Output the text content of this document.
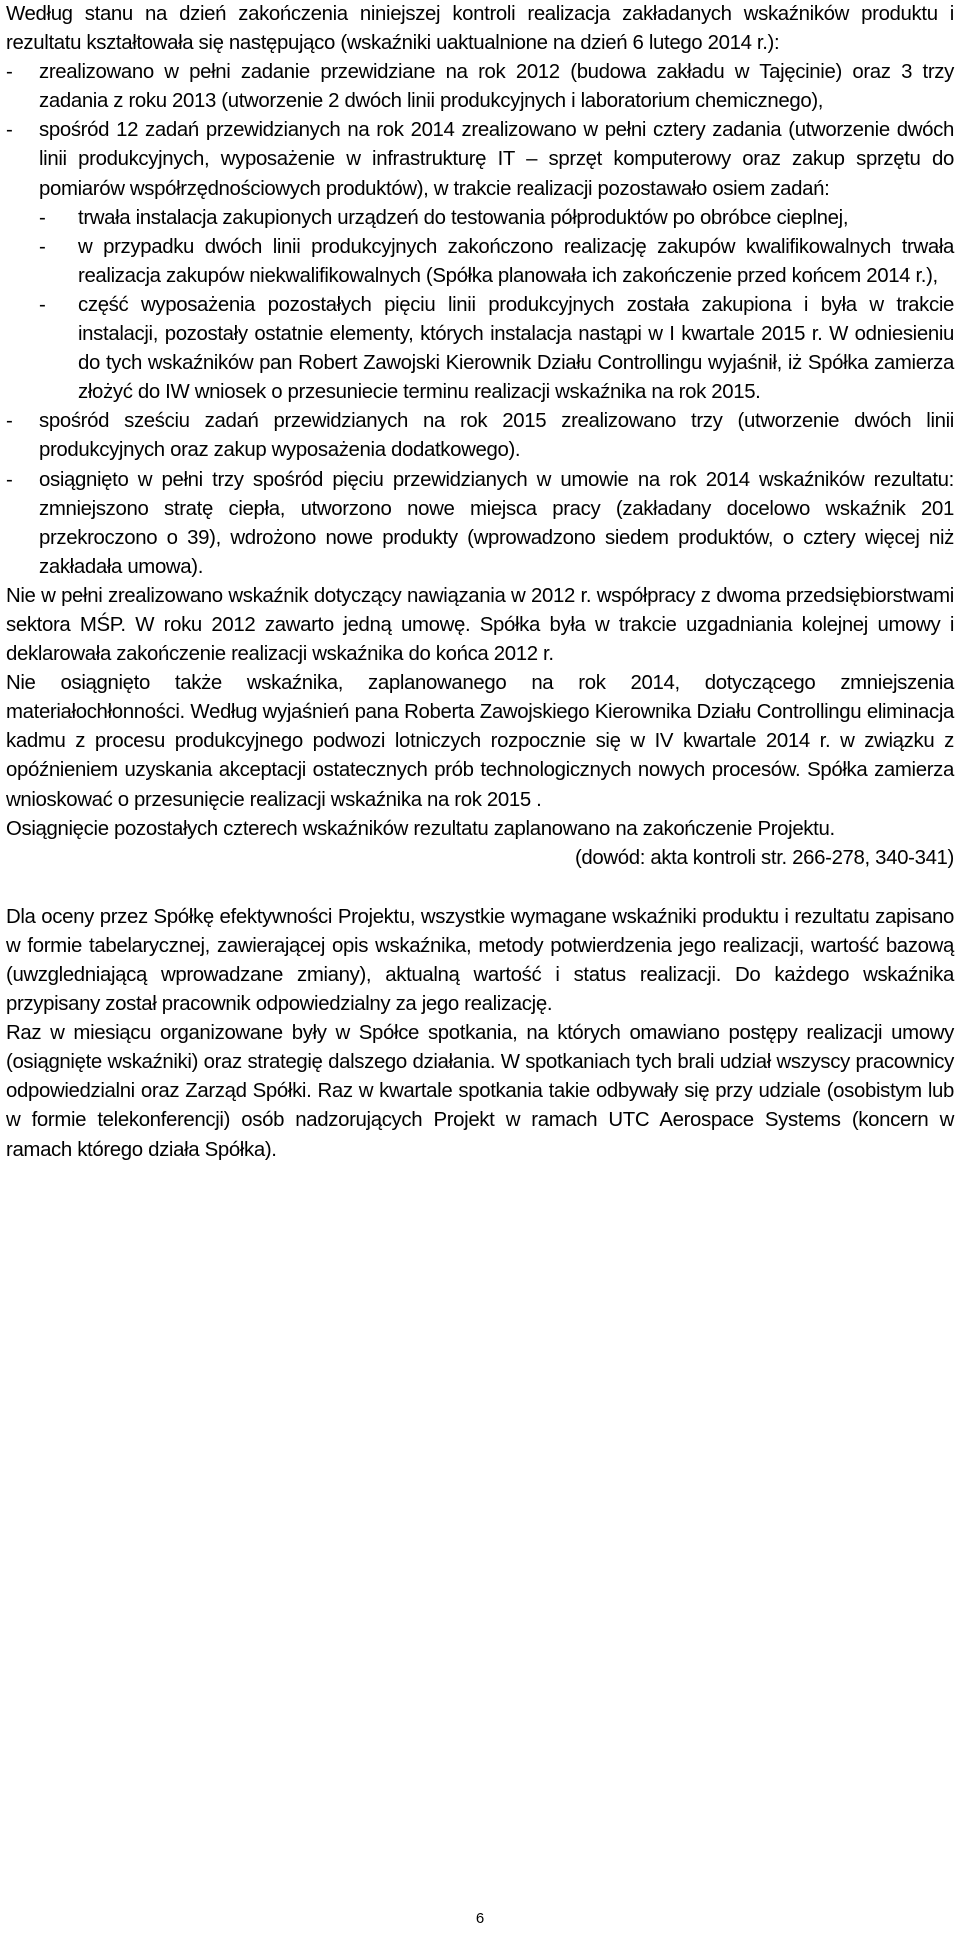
Według stanu na dzień zakończenia niniejszej kontroli realizacja zakładanych wskaźników produktu i rezultatu kształtowała się następująco (wskaźniki uaktualnione na dzień 6 lutego 2014 r.):

- zrealizowano w pełni zadanie przewidziane na rok 2012 (budowa zakładu w Tajęcinie) oraz 3 trzy zadania z roku 2013 (utworzenie 2 dwóch linii produkcyjnych i laboratorium chemicznego),
- spośród 12 zadań przewidzianych na rok 2014 zrealizowano w pełni cztery zadania (utworzenie dwóch linii produkcyjnych, wyposażenie w infrastrukturę IT – sprzęt komputerowy oraz zakup sprzętu do pomiarów współrzędnościowych produktów), w trakcie realizacji pozostawało osiem zadań:
- trwała instalacja zakupionych urządzeń do testowania półproduktów po obróbce cieplnej,
- w przypadku dwóch linii produkcyjnych zakończono realizację zakupów kwalifikowalnych trwała realizacja zakupów niekwalifikowalnych (Spółka planowała ich zakończenie przed końcem 2014 r.),
- część wyposażenia pozostałych pięciu linii produkcyjnych została zakupiona i była w trakcie instalacji, pozostały ostatnie elementy, których instalacja nastąpi w I kwartale 2015 r. W odniesieniu do tych wskaźników pan Robert Zawojski Kierownik Działu Controllingu wyjaśnił, iż Spółka zamierza złożyć do IW wniosek o przesuniecie terminu realizacji wskaźnika na rok 2015.
- spośród sześciu zadań przewidzianych na rok 2015 zrealizowano trzy (utworzenie dwóch linii produkcyjnych oraz zakup wyposażenia dodatkowego).
- osiągnięto w pełni trzy spośród pięciu przewidzianych w umowie na rok 2014 wskaźników rezultatu: zmniejszono stratę ciepła, utworzono nowe miejsca pracy (zakładany docelowo wskaźnik 201 przekroczono o 39), wdrożono nowe produkty (wprowadzono siedem produktów, o cztery więcej niż zakładała umowa).

Nie w pełni zrealizowano wskaźnik dotyczący nawiązania w 2012 r. współpracy z dwoma przedsiębiorstwami sektora MŚP. W roku 2012 zawarto jedną umowę. Spółka była w trakcie uzgadniania kolejnej umowy i deklarowała zakończenie realizacji wskaźnika do końca 2012 r.

Nie osiągnięto także wskaźnika, zaplanowanego na rok 2014, dotyczącego zmniejszenia materiałochłonności. Według wyjaśnień pana Roberta Zawojskiego Kierownika Działu Controllingu eliminacja kadmu z procesu produkcyjnego podwozi lotniczych rozpocznie się w IV kwartale 2014 r. w związku z opóźnieniem uzyskania akceptacji ostatecznych prób technologicznych nowych procesów. Spółka zamierza wnioskować o przesunięcie realizacji wskaźnika na rok 2015 .

Osiągnięcie pozostałych czterech wskaźników rezultatu zaplanowano na zakończenie Projektu.

(dowód: akta kontroli str. 266-278, 340-341)

Dla oceny przez Spółkę efektywności Projektu, wszystkie wymagane wskaźniki produktu i rezultatu zapisano w formie tabelarycznej, zawierającej opis wskaźnika, metody potwierdzenia jego realizacji, wartość bazową (uwzgledniającą wprowadzane zmiany), aktualną wartość i status realizacji. Do każdego wskaźnika przypisany został pracownik odpowiedzialny za jego realizację.

Raz w miesiącu organizowane były w Spółce spotkania, na których omawiano postępy realizacji umowy (osiągnięte wskaźniki) oraz strategię dalszego działania. W spotkaniach tych brali udział wszyscy pracownicy odpowiedzialni oraz Zarząd Spółki. Raz w kwartale spotkania takie odbywały się przy udziale (osobistym lub w formie telekonferencji) osób nadzorujących Projekt w ramach UTC Aerospace Systems (koncern w ramach którego działa Spółka).

6
